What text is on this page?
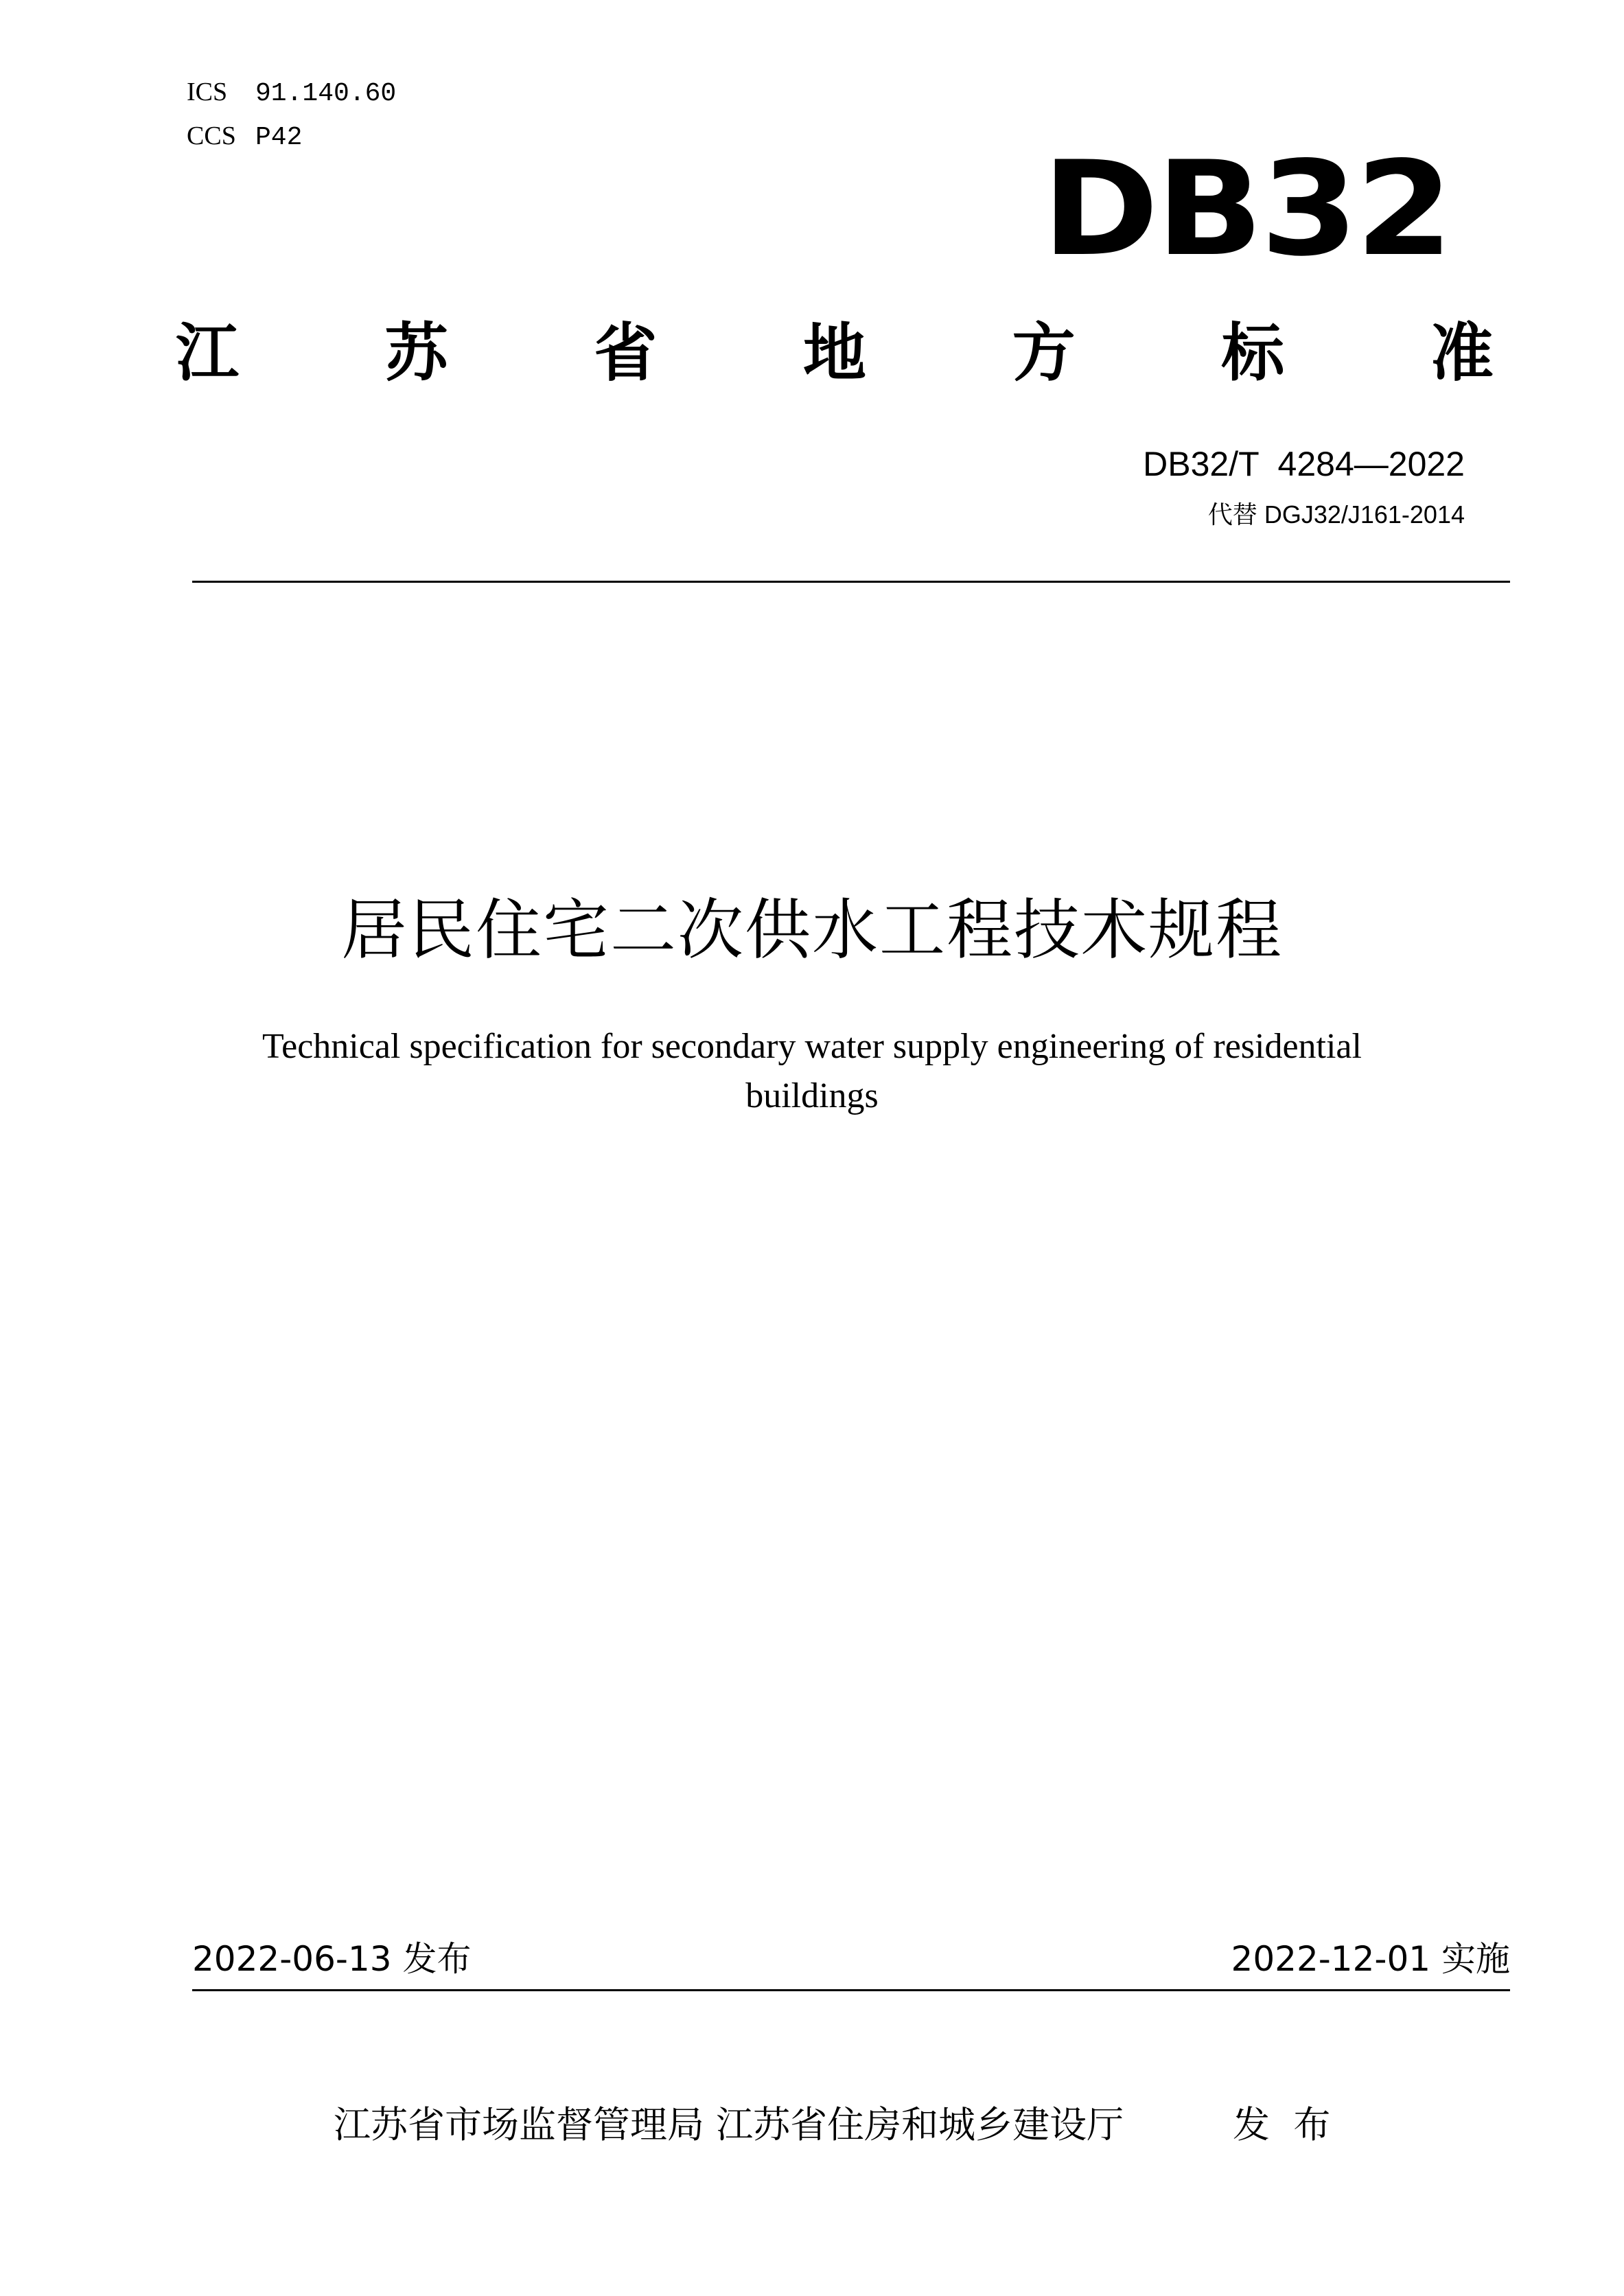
ICS 91.140.60
CCS P42	DB32
江 苏 省 地 方 标 准
DB32/T  4284—2022
代替 DGJ32/J161-2014
居民住宅二次供水工程技术规程
Technical specification for secondary water supply engineering of residential
buildings
2022-06-13 发布	2022-12-01 实施
江苏省市场监督管理局 江苏省住房和城乡建设厅	发  布
